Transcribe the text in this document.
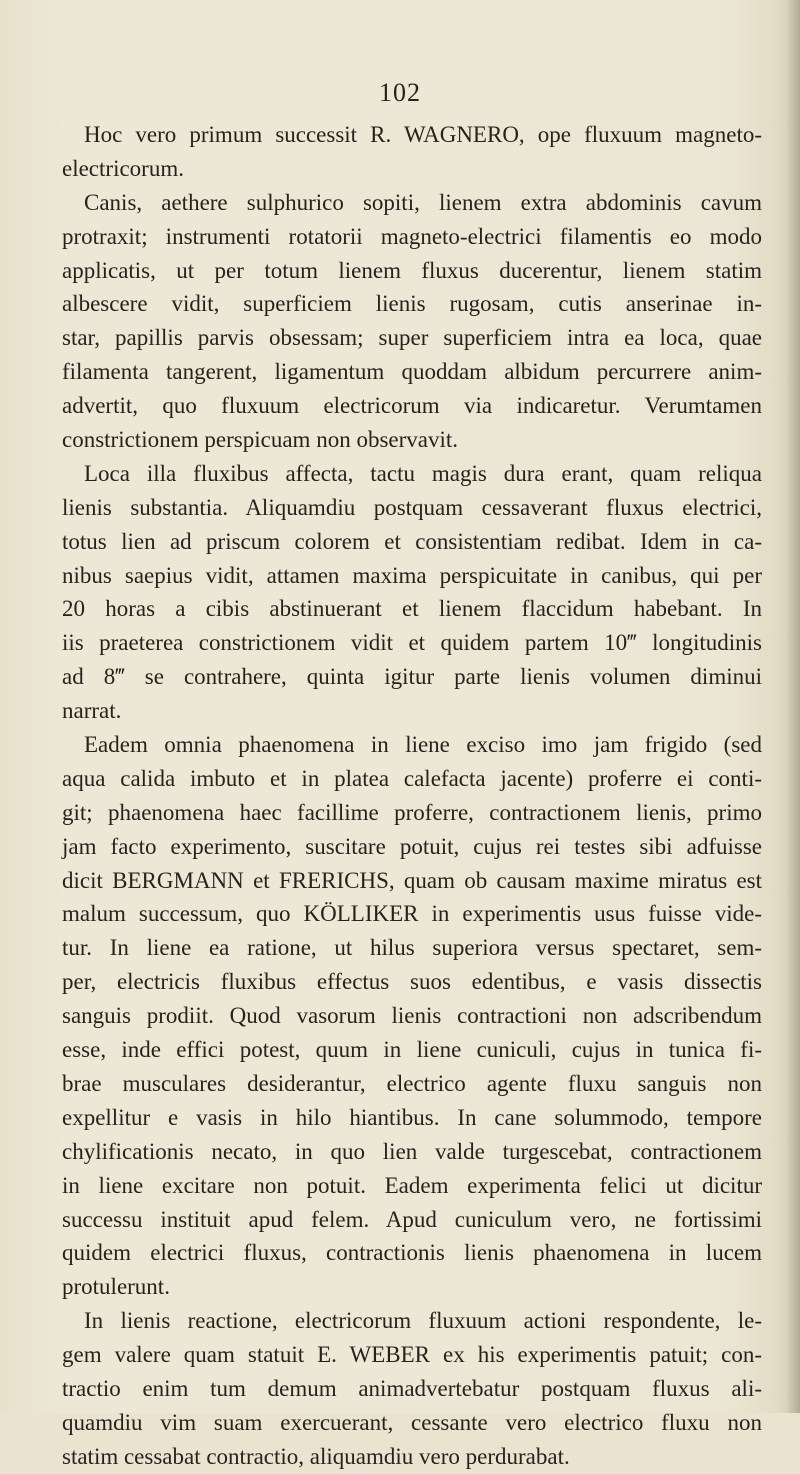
102

Hoc vero primum successit R. WAGNERO, ope fluxuum magneto-
electricorum.
Canis, aethere sulphurico sopiti, lienem extra abdominis cavum
protraxit; instrumenti rotatorii magneto-electrici filamentis eo modo
applicatis, ut per totum lienem fluxus ducerentur, lienem statim
albescere vidit, superficiem lienis rugosam, cutis anserinae in-
star, papillis parvis obsessam; super superficiem intra ea loca, quae
filamenta tangerent, ligamentum quoddam albidum percurrere anim-
advertit, quo fluxuum electricorum via indicaretur. Verumtamen
constrictionem perspicuam non observavit.
Loca illa fluxibus affecta, tactu magis dura erant, quam reliqua
lienis substantia. Aliquamdiu postquam cessaverant fluxus electrici,
totus lien ad priscum colorem et consistentiam redibat. Idem in ca-
nibus saepius vidit, attamen maxima perspicuitate in canibus, qui per
20 horas a cibis abstinuerant et lienem flaccidum habebant. In
iis praeterea constrictionem vidit et quidem partem 10‴ longitudinis
ad 8‴ se contrahere, quinta igitur parte lienis volumen diminui
narrat.
Eadem omnia phaenomena in liene exciso imo jam frigido (sed
aqua calida imbuto et in platea calefacta jacente) proferre ei conti-
git; phaenomena haec facillime proferre, contractionem lienis, primo
jam facto experimento, suscitare potuit, cujus rei testes sibi adfuisse
dicit BERGMANN et FRERICHS, quam ob causam maxime miratus est
malum successum, quo KÖLLIKER in experimentis usus fuisse vide-
tur. In liene ea ratione, ut hilus superiora versus spectaret, sem-
per, electricis fluxibus effectus suos edentibus, e vasis dissectis
sanguis prodiit. Quod vasorum lienis contractioni non adscribendum
esse, inde effici potest, quum in liene cuniculi, cujus in tunica fi-
brae musculares desiderantur, electrico agente fluxu sanguis non
expellitur e vasis in hilo hiantibus. In cane solummodo, tempore
chylificationis necato, in quo lien valde turgescebat, contractionem
in liene excitare non potuit. Eadem experimenta felici ut dicitur
successu instituit apud felem. Apud cuniculum vero, ne fortissimi
quidem electrici fluxus, contractionis lienis phaenomena in lucem
protulerunt.
In lienis reactione, electricorum fluxuum actioni respondente, le-
gem valere quam statuit E. WEBER ex his experimentis patuit; con-
tractio enim tum demum animadvertebatur postquam fluxus ali-
quamdiu vim suam exercuerant, cessante vero electrico fluxu non
statim cessabat contractio, aliquamdiu vero perdurabat.
